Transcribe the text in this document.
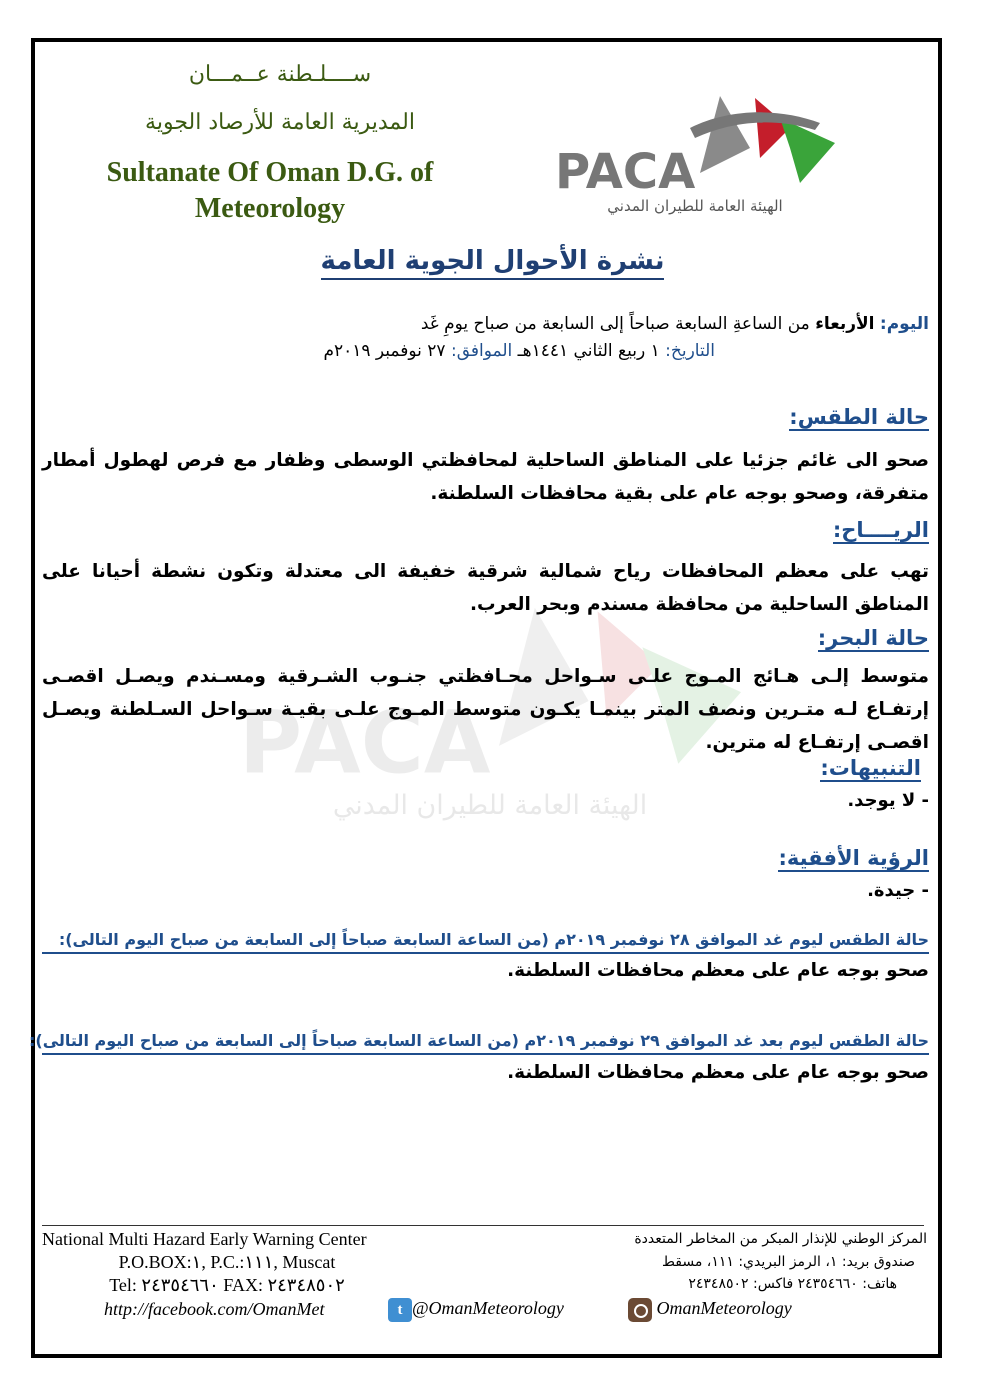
ســــلـطنة عــمـــان
المديرية العامة للأرصاد الجوية
Sultanate Of Oman D.G. of
Meteorology
PACA
الهيئة العامة للطيران المدني
PACA
الهيئة العامة للطيران المدني
نشرة الأحوال الجوية العامة
اليوم: الأربعاء من الساعةِ السابعة صباحاً إلى السابعة من صباح يومِ غَد
التاريخ: ١ ربيع الثاني ١٤٤١هـ الموافق: ٢٧ نوفمبر ٢٠١٩م
حالة الطقس:
صحو الى غائم جزئيا على المناطق الساحلية لمحافظتي الوسطى وظفار مع فرص لهطول أمطار متفرقة، وصحو بوجه عام على بقية محافظات السلطنة.
الريــــاح:
تهب على معظم المحافظات رياح شمالية شرقية خفيفة الى معتدلة وتكون نشطة أحيانا على المناطق الساحلية من محافظة مسندم وبحر العرب.
حالة البحر:
متوسط إلـى هـائج المـوج علـى سـواحل محـافظتي جنـوب الشـرقية ومسـندم ويصـل اقصـى إرتفـاع لـه متـرين ونصف المتر بينمـا يكـون متوسط المـوج علـى بقيـة سـواحل السـلطنة ويصـل اقصـى إرتفـاع له مترين.
التنبيهات:
- لا يوجد.
الرؤية الأفقية:
- جيدة.
حالة الطقس ليوم غد الموافق ٢٨ نوفمبر ٢٠١٩م (من الساعة السابعة صباحاً إلى السابعة من صباح اليوم التالى):
صحو بوجه عام على معظم محافظات السلطنة.
حالة الطقس ليوم بعد غد الموافق ٢٩ نوفمبر ٢٠١٩م (من الساعة السابعة صباحاً إلى السابعة من صباح اليوم التالى):
صحو بوجه عام على معظم محافظات السلطنة.
National Multi Hazard Early Warning Center
P.O.BOX:١, P.C.:١١١, Muscat
Tel: ٢٤٣٥٤٦٦٠ FAX: ٢٤٣٤٨٥٠٢
المركز الوطني للإنذار المبكر من المخاطر المتعددة
صندوق بريد: ١، الرمز البريدي: ١١١، مسقط
هاتف: ٢٤٣٥٤٦٦٠ فاكس: ٢٤٣٤٨٥٠٢
http://facebook.com/OmanMet	t @OmanMeteorology	OmanMeteorology
